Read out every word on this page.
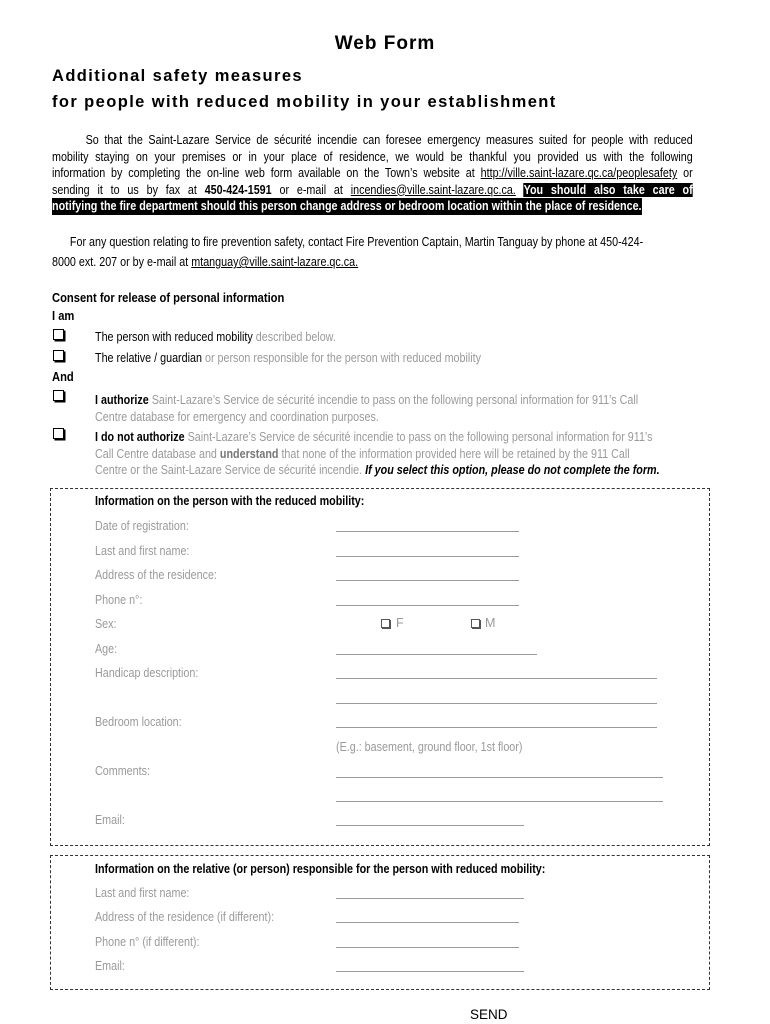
Web Form
Additional safety measures
for people with reduced mobility in your establishment
So that the Saint-Lazare Service de sécurité incendie can foresee emergency measures suited for people with reduced
mobility staying on your premises or in your place of residence, we would be thankful you provided us with the following
information by completing the on-line web form available on the Town’s website at http://ville.saint-lazare.qc.ca/peoplesafety or
sending it to us by fax at 450-424-1591 or e-mail at incendies@ville.saint-lazare.qc.ca. You should also take care of
notifying the fire department should this person change address or bedroom location within the place of residence.
For any question relating to fire prevention safety, contact Fire Prevention Captain, Martin Tanguay by phone at 450-424-
8000 ext. 207 or by e-mail at mtanguay@ville.saint-lazare.qc.ca.
Consent for release of personal information
I am
The person with reduced mobility described below.
The relative / guardian or person responsible for the person with reduced mobility
And
I authorize Saint-Lazare’s Service de sécurité incendie to pass on the following personal information for 911’s Call
Centre database for emergency and coordination purposes.
I do not authorize Saint-Lazare’s Service de sécurité incendie to pass on the following personal information for 911’s
Call Centre database and understand that none of the information provided here will be retained by the 911 Call
Centre or the Saint-Lazare Service de sécurité incendie. If you select this option, please do not complete the form.
Information on the person with the reduced mobility:
Date of registration:
Last and first name:
Address of the residence:
Phone n°:
Sex:	F	M
Age:
Handicap description:
Bedroom location:
(E.g.: basement, ground floor, 1st floor)
Comments:
Email:
Information on the relative (or person) responsible for the person with reduced mobility:
Last and first name:
Address of the residence (if different):
Phone n° (if different):
Email:
SEND
